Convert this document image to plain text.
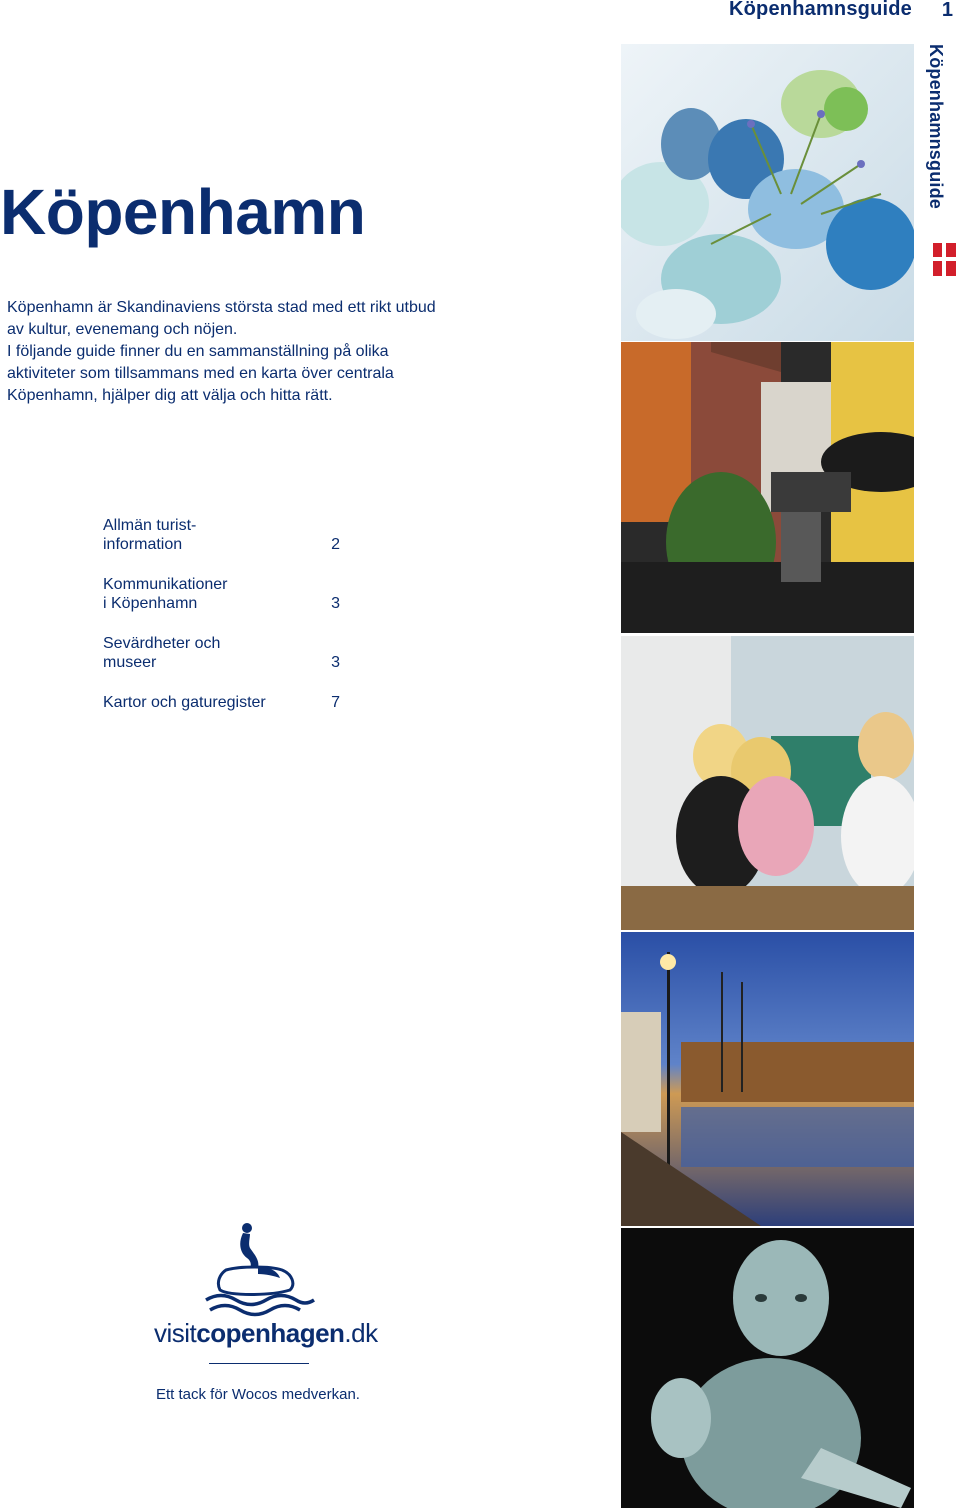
Köpenhamnsguide 1
Köpenhamnsguide
Köpenhamn

Köpenhamn är Skandinaviens största stad med ett rikt utbud av kultur, evenemang och nöjen.

I följande guide finner du en sammanställning på olika aktiviteter som tillsammans med en karta över centrala Köpenhamn, hjälper dig att välja och hitta rätt.

Allmän turist-
information	2
Kommunikationer
i Köpenhamn	3
Sevärdheter och
museer	3
Kartor och gaturegister	7
visitcopenhagen.dk
Ett tack för Wocos medverkan.
